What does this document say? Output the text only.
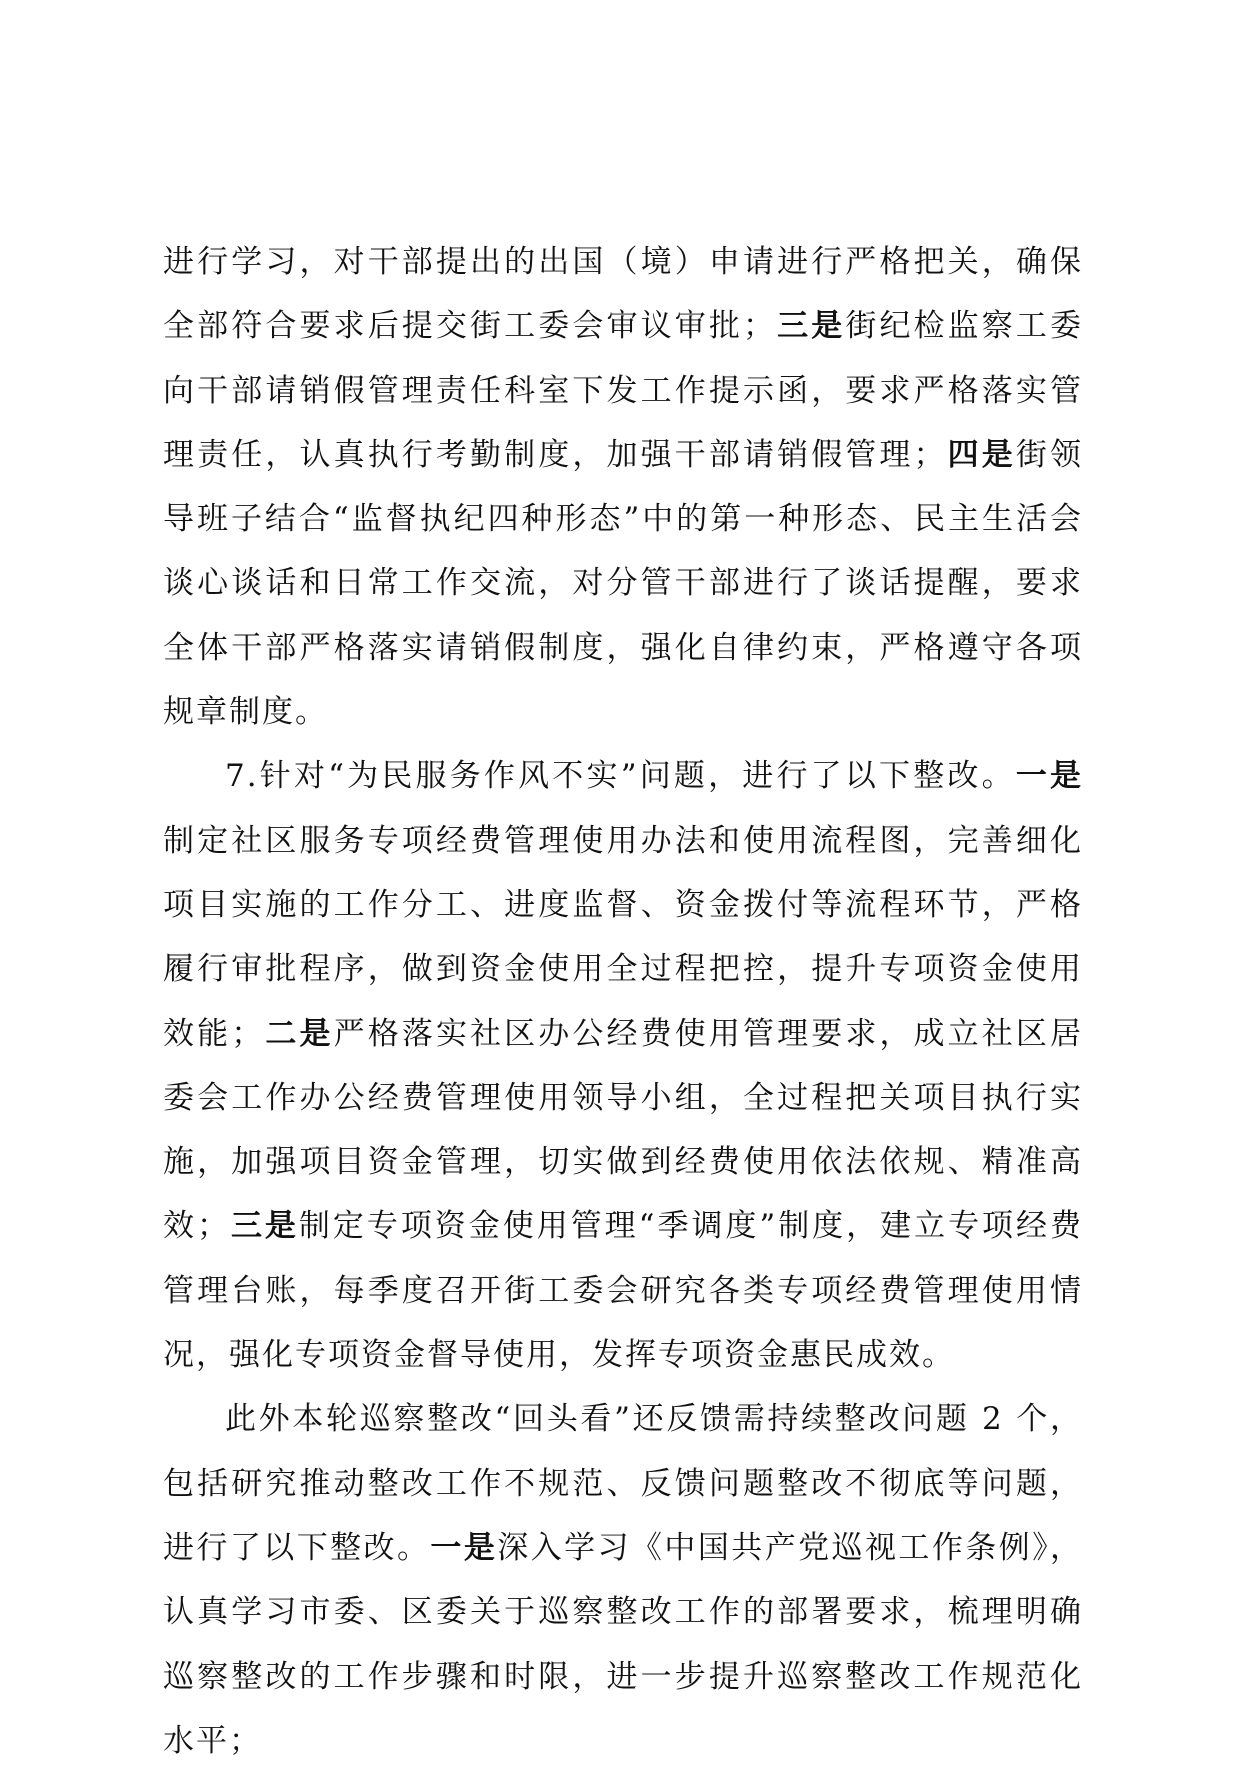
进行学习，对干部提出的出国（境）申请进行严格把关，确保全部符合要求后提交街工委会审议审批；三是街纪检监察工委向干部请销假管理责任科室下发工作提示函，要求严格落实管理责任，认真执行考勤制度，加强干部请销假管理；四是街领导班子结合“监督执纪四种形态”中的第一种形态、民主生活会谈心谈话和日常工作交流，对分管干部进行了谈话提醒，要求全体干部严格落实请销假制度，强化自律约束，严格遵守各项规章制度。

7.针对“为民服务作风不实”问题，进行了以下整改。一是制定社区服务专项经费管理使用办法和使用流程图，完善细化项目实施的工作分工、进度监督、资金拨付等流程环节，严格履行审批程序，做到资金使用全过程把控，提升专项资金使用效能；二是严格落实社区办公经费使用管理要求，成立社区居委会工作办公经费管理使用领导小组，全过程把关项目执行实施，加强项目资金管理，切实做到经费使用依法依规、精准高效；三是制定专项资金使用管理“季调度”制度，建立专项经费管理台账，每季度召开街工委会研究各类专项经费管理使用情况，强化专项资金督导使用，发挥专项资金惠民成效。

此外本轮巡察整改“回头看”还反馈需持续整改问题 2 个，包括研究推动整改工作不规范、反馈问题整改不彻底等问题，进行了以下整改。一是深入学习《中国共产党巡视工作条例》，认真学习市委、区委关于巡察整改工作的部署要求，梳理明确巡察整改的工作步骤和时限，进一步提升巡察整改工作规范化水平；
